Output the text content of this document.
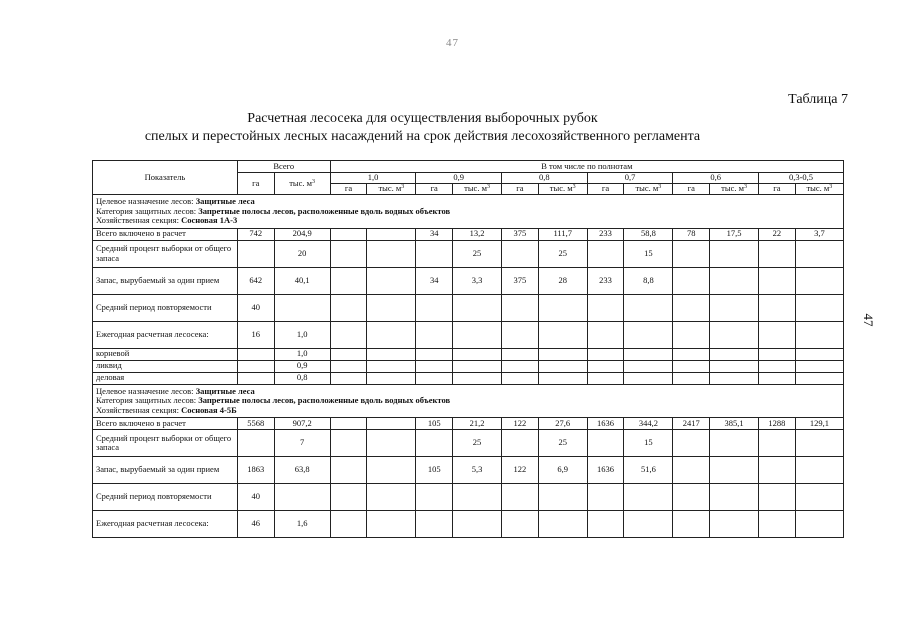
47
47
Таблица 7
Расчетная лесосека для осуществления выборочных рубок
спелых и перестойных лесных насаждений на срок действия лесохозяйственного регламента
Показатель	Всего		В том числе по полнотам											
	га	тыс. $м^3$	1,0		0,9		0,8		0,7		0,6		0,3-0,5	
			га	тыс. $м^3$	га	тыс. $м^3$	га	тыс. $м^3$	га	тыс. $м^3$	га	тыс. $м^3$	га	тыс. $м^3$

Целевое назначение лесов: Защитные леса
Категория защитных лесов: Запретные полосы лесов, расположенные вдоль водных объектов
Хозяйственная секция: Сосновая 1А-3														

Всего включено в расчет	742	204,9			34	13,2	375	111,7	233	58,8	78	17,5	22	3,7
Средний процент выборки от общего запаса		20				25		25		15				
Запас, вырубаемый за один прием	642	40,1			34	3,3	375	28	233	8,8				
Средний период повторяемости	40													
Ежегодная расчетная лесосека:	16	1,0												
корневой		1,0												
ликвид		0,9												
деловая		0,8												

Целевое назначение лесов: Защитные леса
Категория защитных лесов: Запретные полосы лесов, расположенные вдоль водных объектов
Хозяйственная секция: Сосновая 4-5Б														

Всего включено в расчет	5568	907,2			105	21,2	122	27,6	1636	344,2	2417	385,1	1288	129,1
Средний процент выборки от общего запаса		7				25		25		15				
Запас, вырубаемый за один прием	1863	63,8			105	5,3	122	6,9	1636	51,6				
Средний период повторяемости	40													
Ежегодная расчетная лесосека:	46	1,6												
